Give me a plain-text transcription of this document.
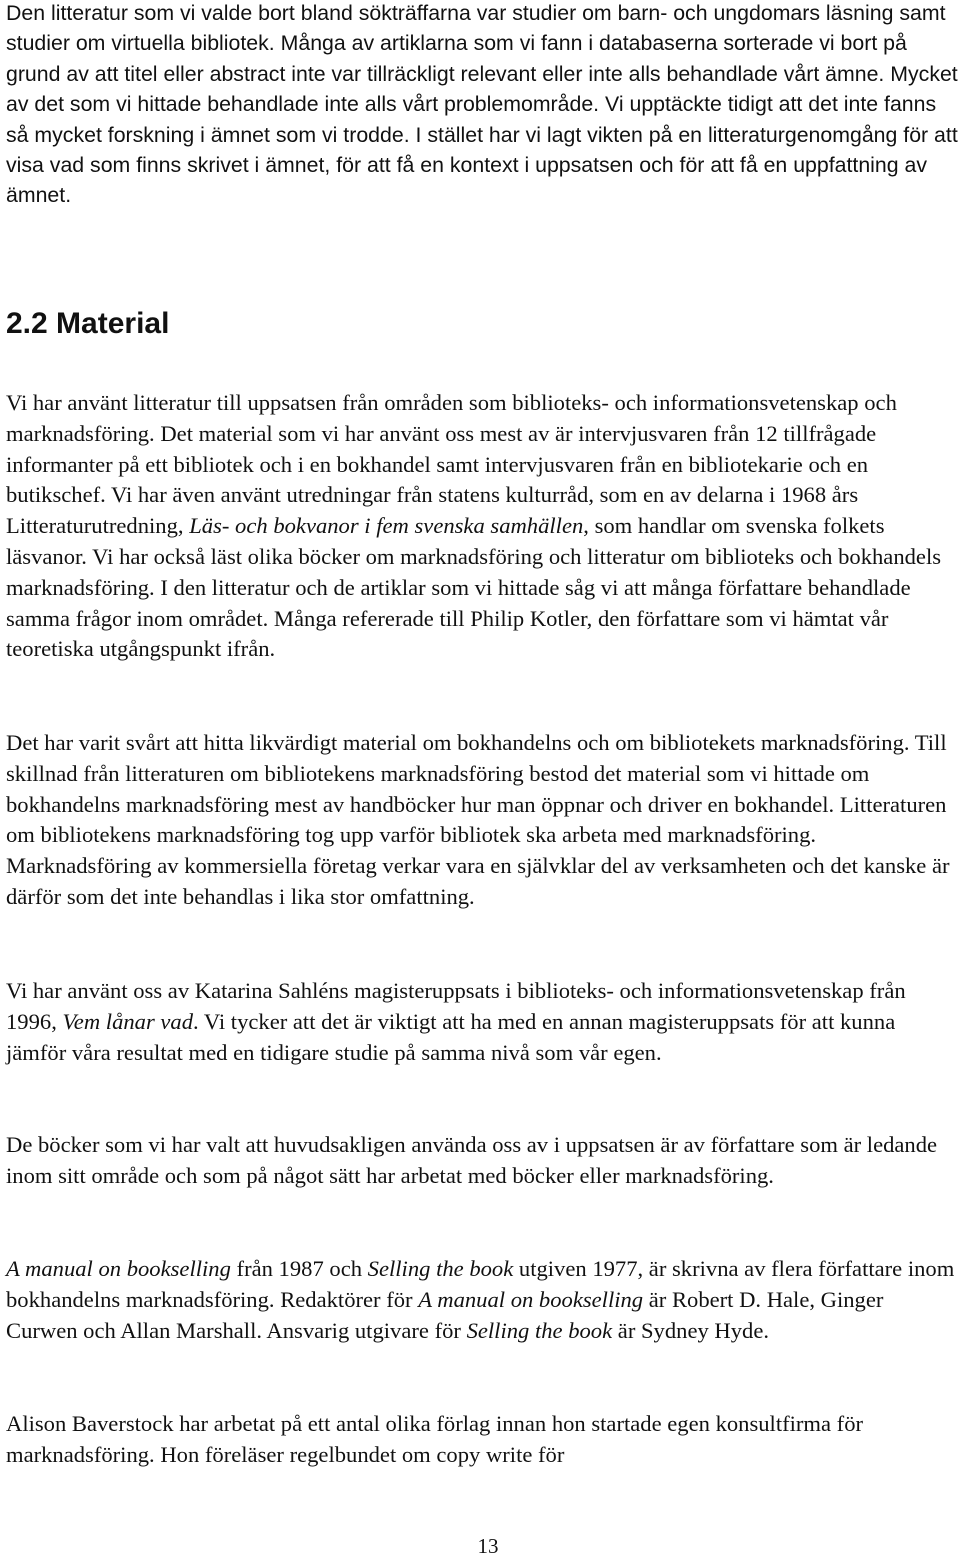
Den litteratur som vi valde bort bland sökträffarna var studier om barn- och ungdomars läsning samt studier om virtuella bibliotek. Många av artiklarna som vi fann i databaserna sorterade vi bort på grund av att titel eller abstract inte var tillräckligt relevant eller inte alls behandlade vårt ämne. Mycket av det som vi hittade behandlade inte alls vårt problemområde. Vi upptäckte tidigt att det inte fanns så mycket forskning i ämnet som vi trodde. I stället har vi lagt vikten på en litteraturgenomgång för att visa vad som finns skrivet i ämnet, för att få en kontext i uppsatsen och för att få en uppfattning av ämnet.

2.2 Material

Vi har använt litteratur till uppsatsen från områden som biblioteks- och informationsvetenskap och marknadsföring. Det material som vi har använt oss mest av är intervjusvaren från 12 tillfrågade informanter på ett bibliotek och i en bokhandel samt intervjusvaren från en bibliotekarie och en butikschef. Vi har även använt utredningar från statens kulturråd, som en av delarna i 1968 års Litteraturutredning, Läs- och bokvanor i fem svenska samhällen, som handlar om svenska folkets läsvanor. Vi har också läst olika böcker om marknadsföring och litteratur om biblioteks och bokhandels marknadsföring. I den litteratur och de artiklar som vi hittade såg vi att många författare behandlade samma frågor inom området. Många refererade till Philip Kotler, den författare som vi hämtat vår teoretiska utgångspunkt ifrån.

Det har varit svårt att hitta likvärdigt material om bokhandelns och om bibliotekets marknadsföring. Till skillnad från litteraturen om bibliotekens marknadsföring bestod det material som vi hittade om bokhandelns marknadsföring mest av handböcker hur man öppnar och driver en bokhandel. Litteraturen om bibliotekens marknadsföring tog upp varför bibliotek ska arbeta med marknadsföring. Marknadsföring av kommersiella företag verkar vara en självklar del av verksamheten och det kanske är därför som det inte behandlas i lika stor omfattning.

Vi har använt oss av Katarina Sahléns magisteruppsats i biblioteks- och informationsvetenskap från 1996, Vem lånar vad. Vi tycker att det är viktigt att ha med en annan magisteruppsats för att kunna jämför våra resultat med en tidigare studie på samma nivå som vår egen.

De böcker som vi har valt att huvudsakligen använda oss av i uppsatsen är av författare som är ledande inom sitt område och som på något sätt har arbetat med böcker eller marknadsföring.

A manual on bookselling från 1987 och Selling the book utgiven 1977, är skrivna av flera författare inom bokhandelns marknadsföring. Redaktörer för A manual on bookselling är Robert D. Hale, Ginger Curwen och Allan Marshall. Ansvarig utgivare för Selling the book är Sydney Hyde.

Alison Baverstock har arbetat på ett antal olika förlag innan hon startade egen konsultfirma för marknadsföring. Hon föreläser regelbundet om copy write för

13
